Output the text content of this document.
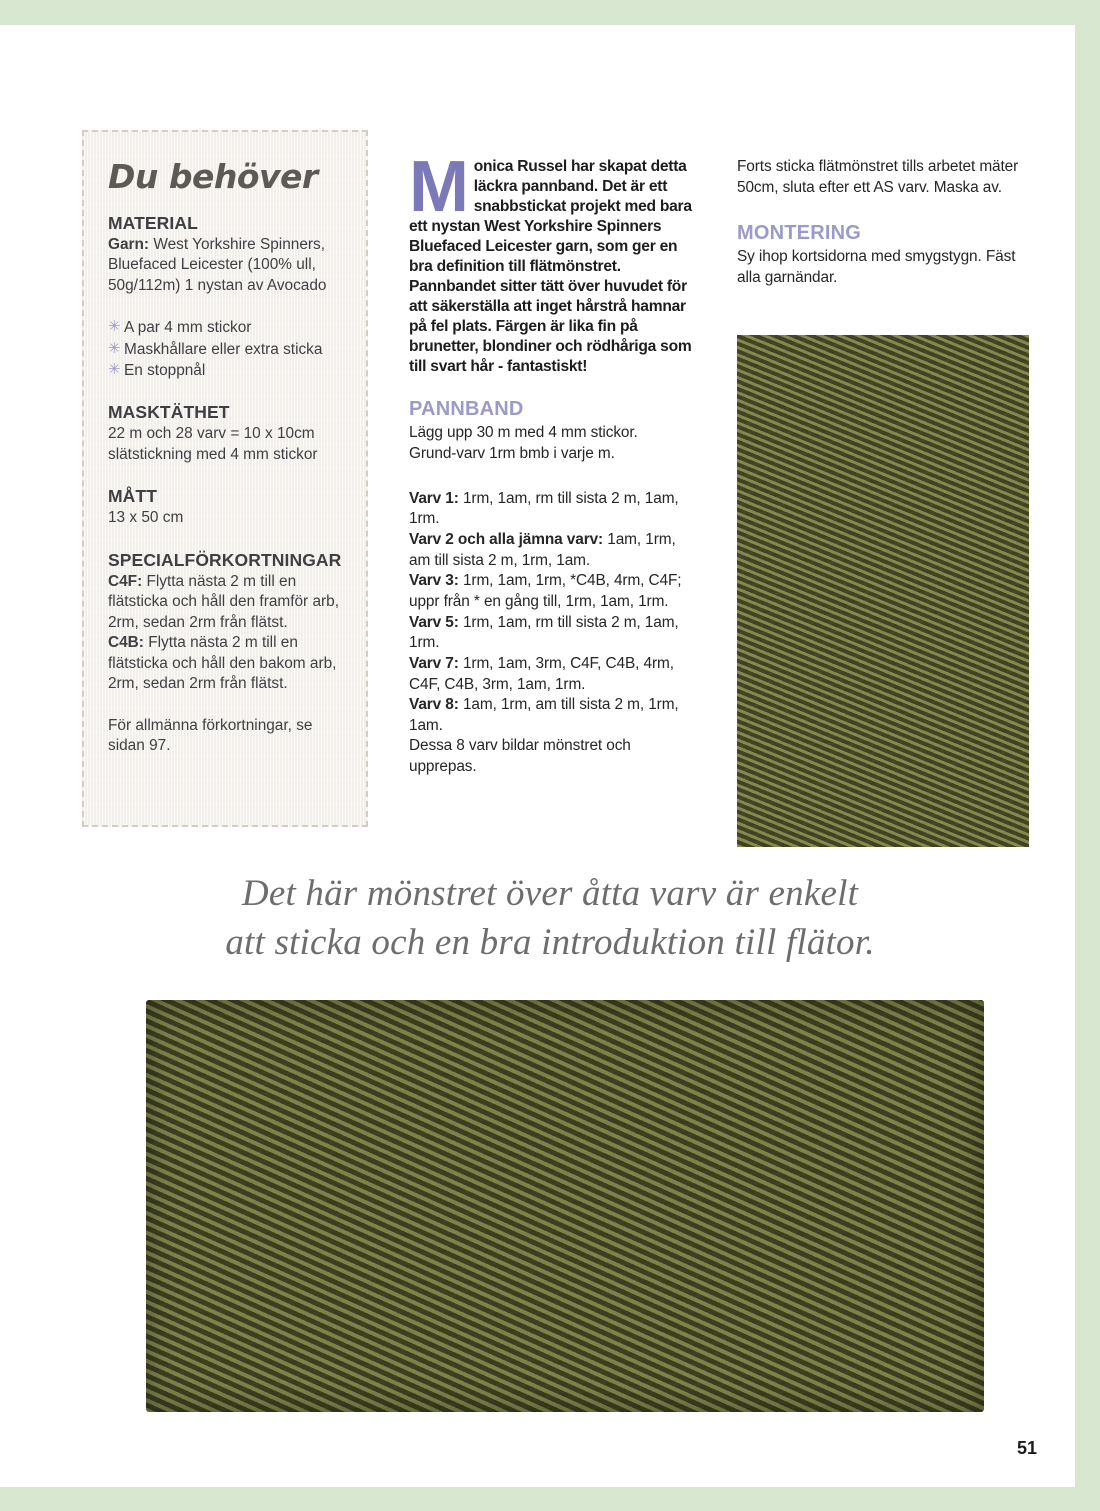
Du behöver
MATERIAL

Garn: West Yorkshire Spinners, Bluefaced Leicester (100% ull, 50g/112m) 1 nystan av Avocado

✳ A par 4 mm stickor
✳ Maskhållare eller extra sticka
✳ En stoppnål
MASKTÄTHET

22 m och 28 varv = 10 x 10cm slätstickning med 4 mm stickor

MÅTT

13 x 50 cm

SPECIALFÖRKORTNINGAR

C4F: Flytta nästa 2 m till en flätsticka och håll den framför arb, 2rm, sedan 2rm från flätst.

C4B: Flytta nästa 2 m till en flätsticka och håll den bakom arb, 2rm, sedan 2rm från flätst.

För allmänna förkortningar, se sidan 97.

Monica Russel har skapat detta läckra pannband. Det är ett snabbstickat projekt med bara ett nystan West Yorkshire Spinners Bluefaced Leicester garn, som ger en bra definition till flätmönstret. Pannbandet sitter tätt över huvudet för att säkerställa att inget hårstrå hamnar på fel plats. Färgen är lika fin på brunetter, blondiner och rödhåriga som till svart hår - fantastiskt!

PANNBAND

Lägg upp 30 m med 4 mm stickor.

Grund-varv 1rm bmb i varje m.

Varv 1: 1rm, 1am, rm till sista 2 m, 1am, 1rm.

Varv 2 och alla jämna varv: 1am, 1rm, am till sista 2 m, 1rm, 1am.

Varv 3: 1rm, 1am, 1rm, *C4B, 4rm, C4F; uppr från * en gång till, 1rm, 1am, 1rm.

Varv 5: 1rm, 1am, rm till sista 2 m, 1am, 1rm.

Varv 7: 1rm, 1am, 3rm, C4F, C4B, 4rm, C4F, C4B, 3rm, 1am, 1rm.

Varv 8: 1am, 1rm, am till sista 2 m, 1rm, 1am.

Dessa 8 varv bildar mönstret och upprepas.

Forts sticka flätmönstret tills arbetet mäter 50cm, sluta efter ett AS varv. Maska av.

MONTERING

Sy ihop kortsidorna med smygstygn. Fäst alla garnändar.

Det här mönstret över åtta varv är enkelt
att sticka och en bra introduktion till flätor.
51
